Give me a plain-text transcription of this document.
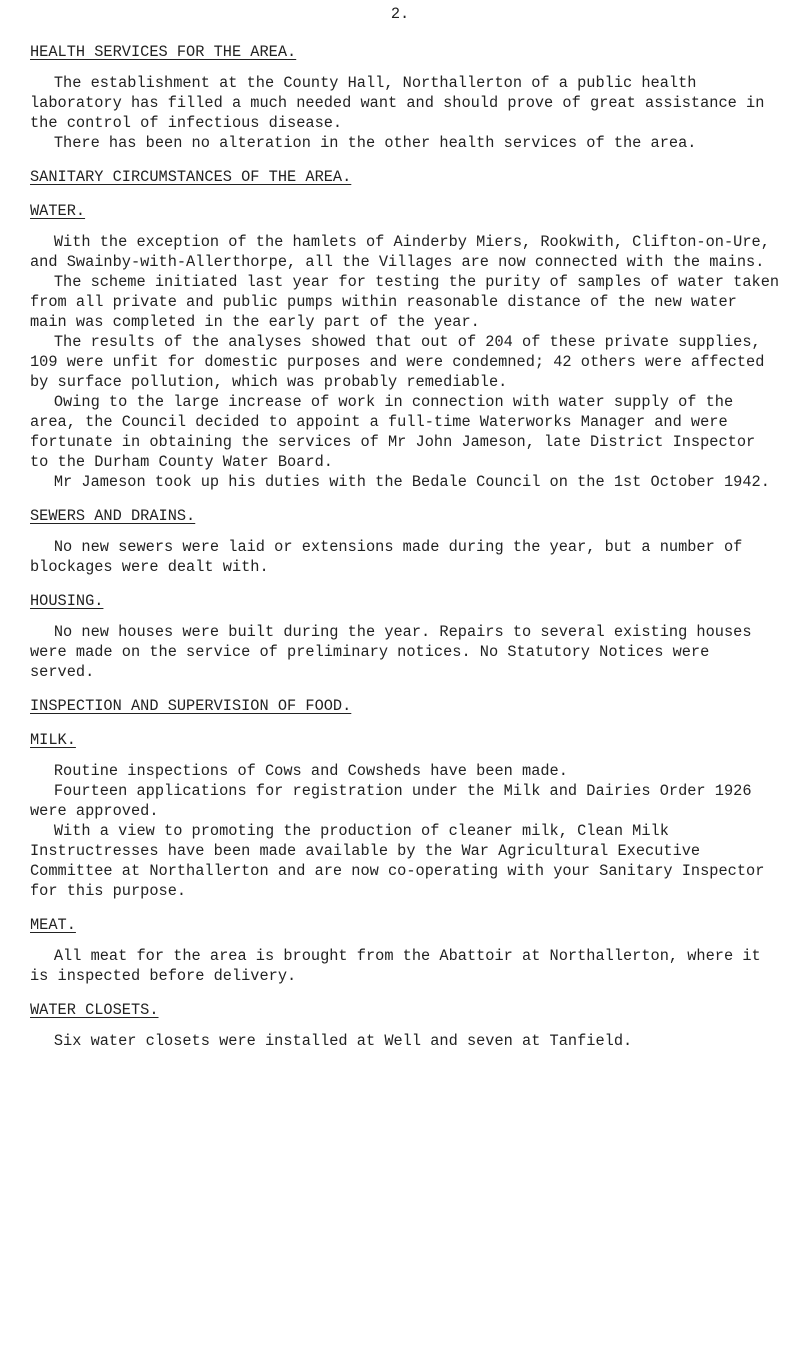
2.
HEALTH SERVICES FOR THE AREA.

The establishment at the County Hall, Northallerton of a public health laboratory has filled a much needed want and should prove of great assistance in the control of infectious disease.

There has been no alteration in the other health services of the area.

SANITARY CIRCUMSTANCES OF THE AREA.
WATER.

With the exception of the hamlets of Ainderby Miers, Rookwith, Clifton-on-Ure, and Swainby-with-Allerthorpe, all the Villages are now connected with the mains.

The scheme initiated last year for testing the purity of samples of water taken from all private and public pumps within reasonable distance of the new water main was completed in the early part of the year.

The results of the analyses showed that out of 204 of these private supplies, 109 were unfit for domestic purposes and were condemned; 42 others were affected by surface pollution, which was probably remediable.

Owing to the large increase of work in connection with water supply of the area, the Council decided to appoint a full-time Waterworks Manager and were fortunate in obtaining the services of Mr John Jameson, late District Inspector to the Durham County Water Board.

Mr Jameson took up his duties with the Bedale Council on the 1st October 1942.

SEWERS AND DRAINS.

No new sewers were laid or extensions made during the year, but a number of blockages were dealt with.

HOUSING.

No new houses were built during the year. Repairs to several existing houses were made on the service of preliminary notices. No Statutory Notices were served.

INSPECTION AND SUPERVISION OF FOOD.
MILK.

Routine inspections of Cows and Cowsheds have been made.

Fourteen applications for registration under the Milk and Dairies Order 1926 were approved.

With a view to promoting the production of cleaner milk, Clean Milk Instructresses have been made available by the War Agricultural Executive Committee at Northallerton and are now co-operating with your Sanitary Inspector for this purpose.

MEAT.

All meat for the area is brought from the Abattoir at Northallerton, where it is inspected before delivery.

WATER CLOSETS.

Six water closets were installed at Well and seven at Tanfield.
